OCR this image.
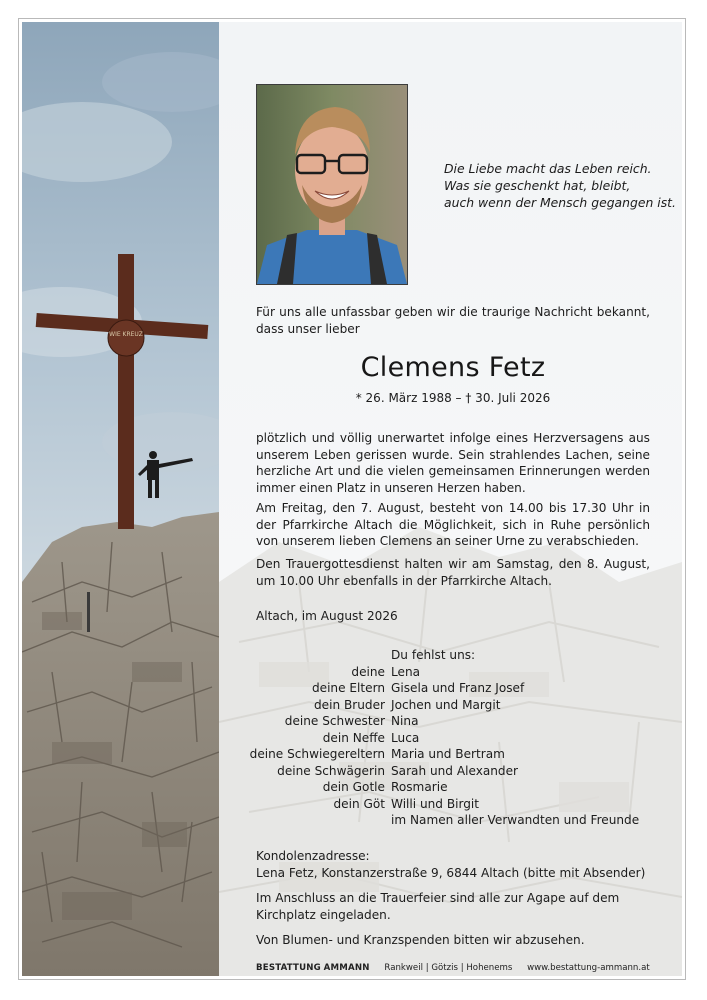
WIE KREUZ
Die Liebe macht das Leben reich.
Was sie geschenkt hat, bleibt,
auch wenn der Mensch gegangen ist.
Für uns alle unfassbar geben wir die traurige Nachricht bekannt, dass unser lieber
Clemens Fetz
* 26. März 1988 – † 30. Juli 2026
plötzlich und völlig unerwartet infolge eines Herzversagens aus unserem Leben gerissen wurde. Sein strahlendes Lachen, seine herzliche Art und die vielen gemeinsamen Erinnerungen werden immer einen Platz in unseren Herzen haben.
Am Freitag, den 7. August, besteht von 14.00 bis 17.30 Uhr in der Pfarrkirche Altach die Möglichkeit, sich in Ruhe persönlich von unserem lieben Clemens an seiner Urne zu verabschieden.
Den Trauergottesdienst halten wir am Samstag, den 8. August, um 10.00 Uhr ebenfalls in der Pfarrkirche Altach.
Altach, im August 2026
Du fehlst uns:
deine Lena
deine Eltern Gisela und Franz Josef
dein Bruder Jochen und Margit
deine Schwester Nina
dein Neffe Luca
deine Schwiegereltern Maria und Bertram
deine Schwägerin Sarah und Alexander
dein Gotle Rosmarie
dein Göt Willi und Birgit
im Namen aller Verwandten und Freunde
Kondolenzadresse:
Lena Fetz, Konstanzerstraße 9, 6844 Altach (bitte mit Absender)
Im Anschluss an die Trauerfeier sind alle zur Agape auf dem Kirchplatz eingeladen.
Von Blumen- und Kranzspenden bitten wir abzusehen.
BESTATTUNG AMMANN Rankweil | Götzis | Hohenems www.bestattung-ammann.at
